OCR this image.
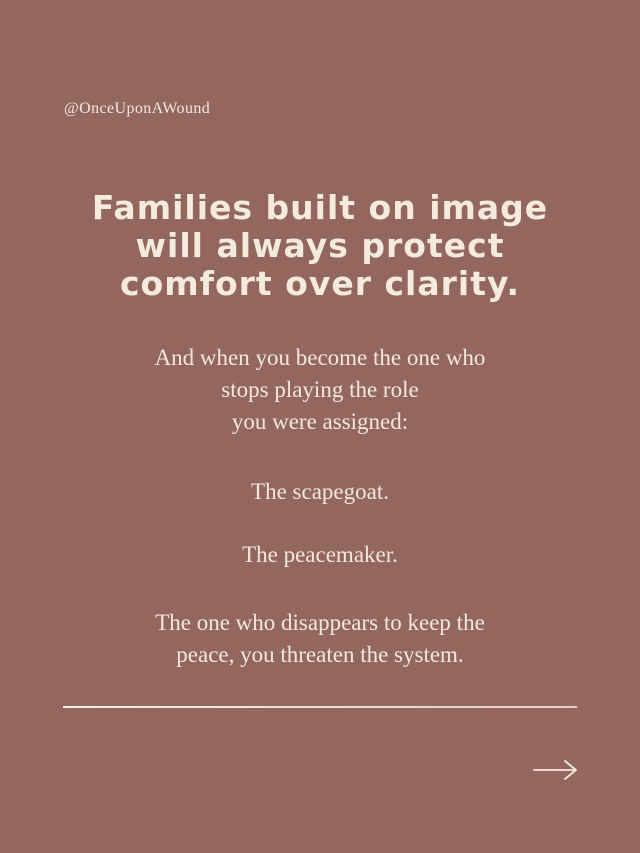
@OnceUponAWound
Families built on image
will always protect
comfort over clarity.
And when you become the one who
stops playing the role
you were assigned:
The scapegoat.
The peacemaker.
The one who disappears to keep the
peace, you threaten the system.
